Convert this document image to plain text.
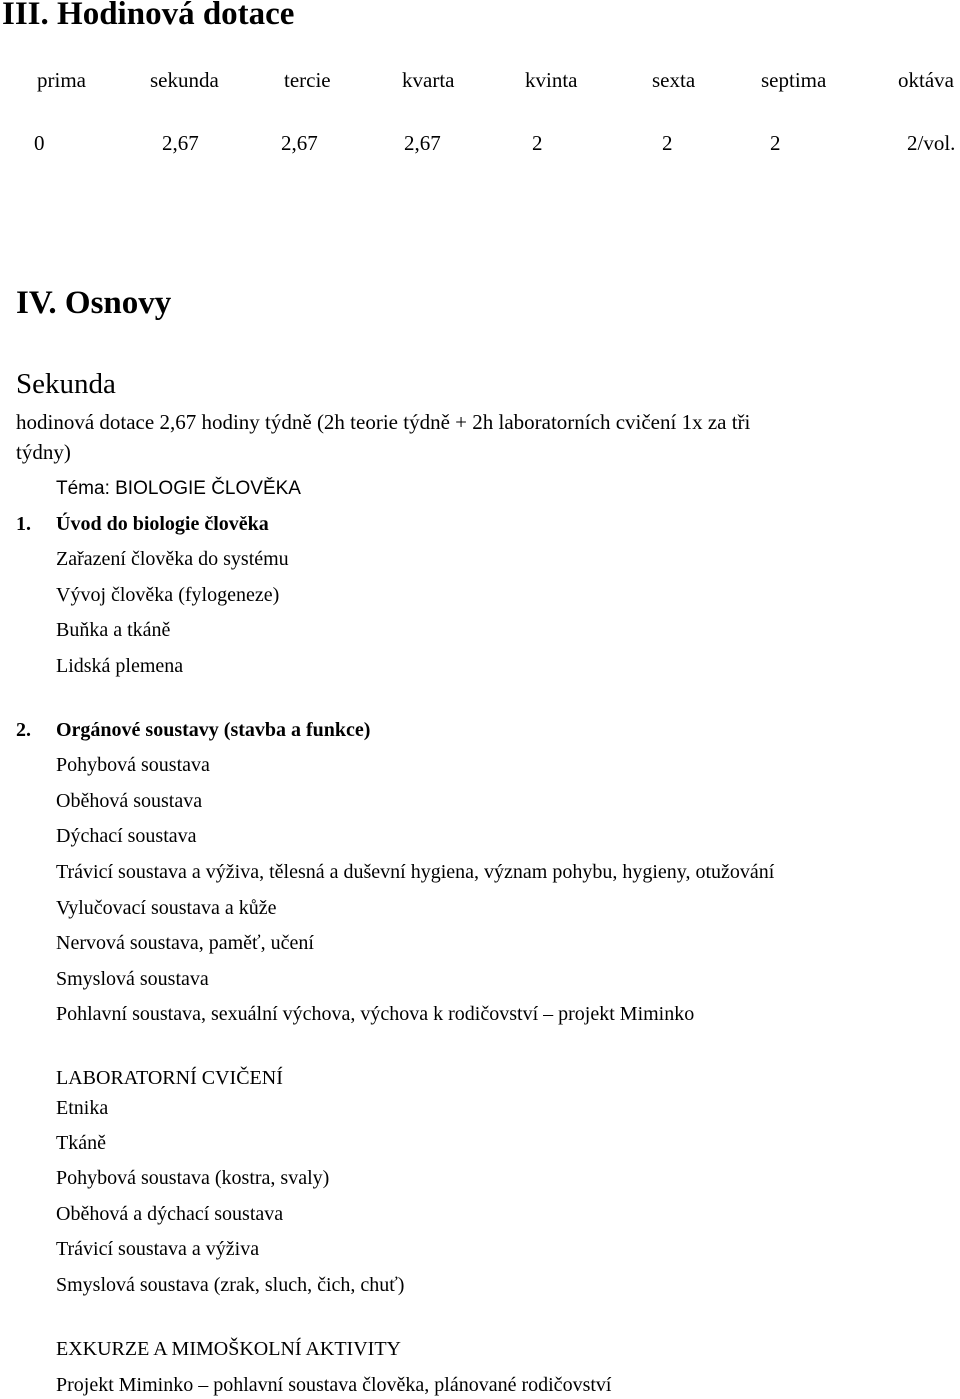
III. Hodinová dotace
prima	sekunda	tercie	kvarta	kvinta	sexta	septima	oktáva
0	2,67	2,67	2,67	2	2	2	2/vol.
IV. Osnovy
Sekunda
hodinová dotace 2,67 hodiny týdně (2h teorie týdně + 2h laboratorních cvičení 1x za tři
týdny)
Téma: BIOLOGIE ČLOVĚKA
1. Úvod do biologie člověka
Zařazení člověka do systému
Vývoj člověka (fylogeneze)
Buňka a tkáně
Lidská plemena
2. Orgánové soustavy (stavba a funkce)
Pohybová soustava
Oběhová soustava
Dýchací soustava
Trávicí soustava a výživa, tělesná a duševní hygiena, význam pohybu, hygieny, otužování
Vylučovací soustava a kůže
Nervová soustava, paměť, učení
Smyslová soustava
Pohlavní soustava, sexuální výchova, výchova k rodičovství – projekt Miminko
LABORATORNÍ CVIČENÍ
Etnika
Tkáně
Pohybová soustava (kostra, svaly)
Oběhová a dýchací soustava
Trávicí soustava a výživa
Smyslová soustava (zrak, sluch, čich, chuť)
EXKURZE A MIMOŠKOLNÍ AKTIVITY
Projekt Miminko – pohlavní soustava člověka, plánované rodičovství
